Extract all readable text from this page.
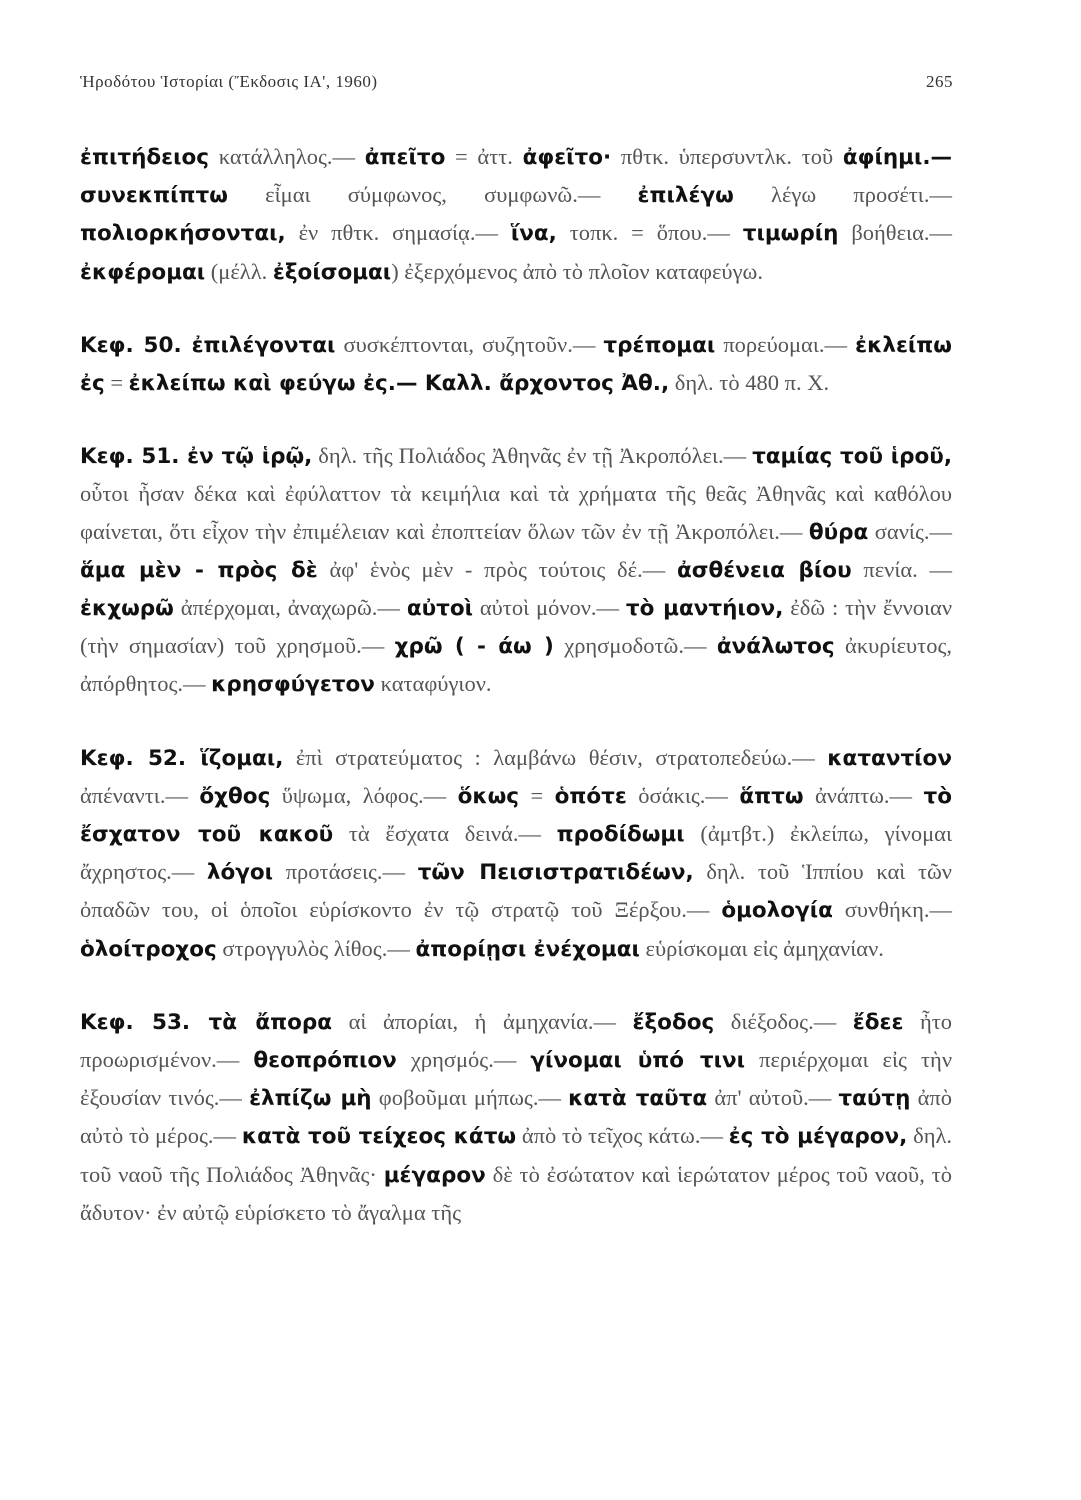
Ἡροδότου Ἱστορίαι (Ἔκδοσις ΙΑ', 1960)	265

ἐπιτήδειος κατάλληλος.— ἀπεῖτο = ἀττ. ἀφεῖτο· πθτκ. ὑπερσυντλκ. τοῦ ἀφίημι.— συνεκπίπτω εἶμαι σύμφωνος, συμφωνῶ.— ἐπιλέγω λέγω προσέτι.— πολιορκήσονται, ἐν πθτκ. σημασίᾳ.— ἵνα, τοπκ. = ὅπου.— τιμωρίη βοήθεια.— ἐκφέρομαι (μέλλ. ἐξοίσομαι) ἐξερχόμενος ἀπὸ τὸ πλοῖον καταφεύγω.

Κεφ. 50. ἐπιλέγονται συσκέπτονται, συζητοῦν.— τρέπομαι πορεύομαι.— ἐκλείπω ἐς = ἐκλείπω καὶ φεύγω ἐς.— Καλλ. ἄρχοντος Ἀθ., δηλ. τὸ 480 π. Χ.

Κεφ. 51. ἐν τῷ ἱρῷ, δηλ. τῆς Πολιάδος Ἀθηνᾶς ἐν τῇ Ἀκροπόλει.— ταμίας τοῦ ἱροῦ, οὗτοι ἦσαν δέκα καὶ ἐφύλαττον τὰ κειμήλια καὶ τὰ χρήματα τῆς θεᾶς Ἀθηνᾶς καὶ καθόλου φαίνεται, ὅτι εἶχον τὴν ἐπιμέλειαν καὶ ἐποπτείαν ὅλων τῶν ἐν τῇ Ἀκροπόλει.— θύρα σανίς.— ἅμα μὲν - πρὸς δὲ ἀφ' ἑνὸς μὲν - πρὸς τούτοις δέ.— ἀσθένεια βίου πενία. — ἐκχωρῶ ἀπέρχομαι, ἀναχωρῶ.— αὐτοὶ αὐτοὶ μόνον.— τὸ μαντήιον, ἐδῶ : τὴν ἔννοιαν (τὴν σημασίαν) τοῦ χρησμοῦ.— χρῶ ( - άω ) χρησμοδοτῶ.— ἀνάλωτος ἀκυρίευτος, ἀπόρθητος.— κρησφύγετον καταφύγιον.

Κεφ. 52. ἵζομαι, ἐπὶ στρατεύματος : λαμβάνω θέσιν, στρατοπεδεύω.— καταντίον ἀπέναντι.— ὄχθος ὕψωμα, λόφος.— ὅκως = ὁπότε ὁσάκις.— ἅπτω ἀνάπτω.— τὸ ἔσχατον τοῦ κακοῦ τὰ ἔσχατα δεινά.— προδίδωμι (ἀμτβτ.) ἐκλείπω, γίνομαι ἄχρηστος.— λόγοι προτάσεις.— τῶν Πεισιστρατιδέων, δηλ. τοῦ Ἱππίου καὶ τῶν ὀπαδῶν του, οἱ ὁποῖοι εὑρίσκοντο ἐν τῷ στρατῷ τοῦ Ξέρξου.— ὁμολογία συνθήκη.— ὁλοίτροχος στρογγυλὸς λίθος.— ἀπορίῃσι ἐνέχομαι εὑρίσκομαι εἰς ἀμηχανίαν.

Κεφ. 53. τὰ ἄπορα αἱ ἀπορίαι, ἡ ἀμηχανία.— ἔξοδος διέξοδος.— ἔδεε ἦτο προωρισμένον.— θεοπρόπιον χρησμός.— γίνομαι ὑπό τινι περιέρχομαι εἰς τὴν ἐξουσίαν τινός.— ἐλπίζω μὴ φοβοῦμαι μήπως.— κατὰ ταῦτα ἀπ' αὐτοῦ.— ταύτῃ ἀπὸ αὐτὸ τὸ μέρος.— κατὰ τοῦ τείχεος κάτω ἀπὸ τὸ τεῖχος κάτω.— ἐς τὸ μέγαρον, δηλ. τοῦ ναοῦ τῆς Πολιάδος Ἀθηνᾶς· μέγαρον δὲ τὸ ἐσώτατον καὶ ἱερώτατον μέρος τοῦ ναοῦ, τὸ ἄδυτον· ἐν αὐτῷ εὑρίσκετο τὸ ἄγαλμα τῆς
